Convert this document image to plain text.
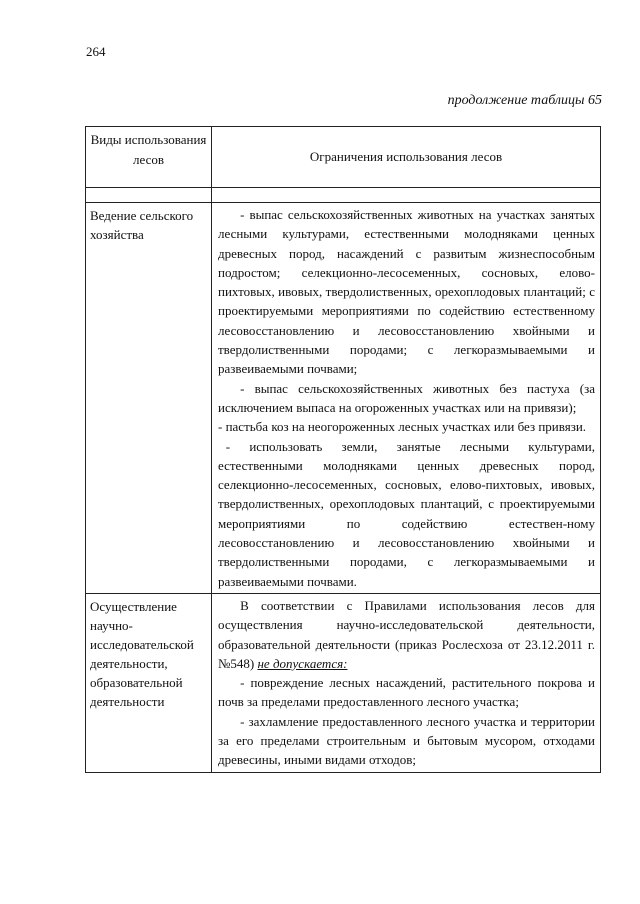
264
продолжение таблицы 65
Виды использования лесов	Ограничения использования лесов

Ведение сельского хозяйства	- выпас сельскохозяйственных животных на участках занятых лесными культурами, естественными молодняками ценных древесных пород, насаждений с развитым жизнеспособным подростом; селекционно-лесосеменных, сосновых, елово-пихтовых, ивовых, твердолиственных, орехоплодовых плантаций; с проектируемыми мероприятиями по содействию естественному лесовосстановлению и лесовосстановлению хвойными и твердолиственными породами; с легкоразмываемыми и развеиваемыми почвами;

- выпас сельскохозяйственных животных без пастуха (за исключением выпаса на огороженных участках или на привязи);

- пастьба коз на неогороженных лесных участках или без привязи.

- использовать земли, занятые лесными культурами, естественными молодняками ценных древесных пород, селекционно-лесосеменных, сосновых, елово-пихтовых, ивовых, твердолиственных, орехоплодовых плантаций, с проектируемыми мероприятиями по содействию естествен-ному лесовосстановлению и лесовосстановлению хвойными и твердолиственными породами, с легкоразмываемыми и развеиваемыми почвами.

Осуществление научно-исследовательской деятельности, образовательной деятельности	В соответствии с Правилами использования лесов для осуществления научно-исследовательской деятельности, образовательной деятельности (приказ Рослесхоза от 23.12.2011 г. №548) не допускается:

- повреждение лесных насаждений, растительного покрова и почв за пределами предоставленного лесного участка;

- захламление предоставленного лесного участка и территории за его пределами строительным и бытовым мусором, отходами древесины, иными видами отходов;
